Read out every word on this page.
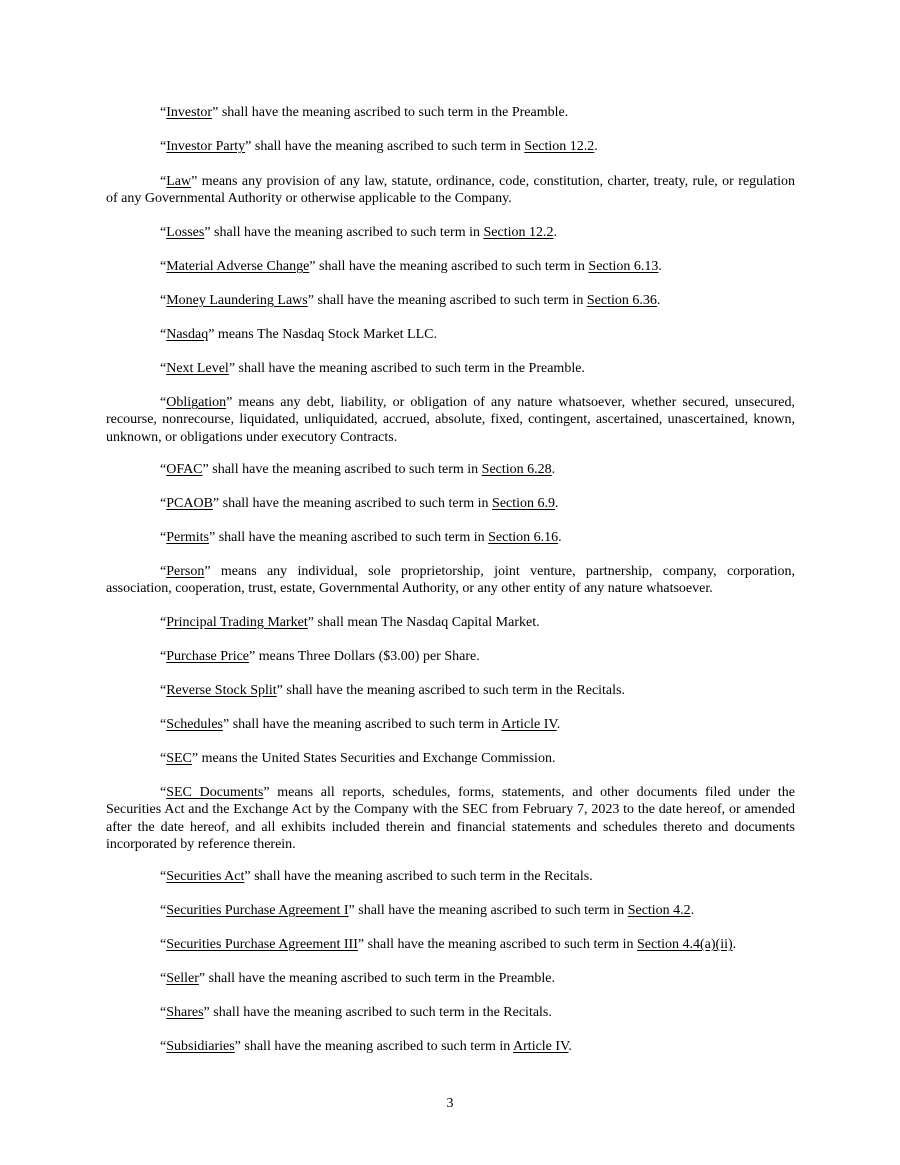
“Investor” shall have the meaning ascribed to such term in the Preamble.

“Investor Party” shall have the meaning ascribed to such term in Section 12.2.

“Law” means any provision of any law, statute, ordinance, code, constitution, charter, treaty, rule, or regulation of any Governmental Authority or otherwise applicable to the Company.

“Losses” shall have the meaning ascribed to such term in Section 12.2.

“Material Adverse Change” shall have the meaning ascribed to such term in Section 6.13.

“Money Laundering Laws” shall have the meaning ascribed to such term in Section 6.36.

“Nasdaq” means The Nasdaq Stock Market LLC.

“Next Level” shall have the meaning ascribed to such term in the Preamble.

“Obligation” means any debt, liability, or obligation of any nature whatsoever, whether secured, unsecured, recourse, nonrecourse, liquidated, unliquidated, accrued, absolute, fixed, contingent, ascertained, unascertained, known, unknown, or obligations under executory Contracts.

“OFAC” shall have the meaning ascribed to such term in Section 6.28.

“PCAOB” shall have the meaning ascribed to such term in Section 6.9.

“Permits” shall have the meaning ascribed to such term in Section 6.16.

“Person” means any individual, sole proprietorship, joint venture, partnership, company, corporation, association, cooperation, trust, estate, Governmental Authority, or any other entity of any nature whatsoever.

“Principal Trading Market” shall mean The Nasdaq Capital Market.

“Purchase Price” means Three Dollars ($3.00) per Share.

“Reverse Stock Split” shall have the meaning ascribed to such term in the Recitals.

“Schedules” shall have the meaning ascribed to such term in Article IV.

“SEC” means the United States Securities and Exchange Commission.

“SEC Documents” means all reports, schedules, forms, statements, and other documents filed under the Securities Act and the Exchange Act by the Company with the SEC from February 7, 2023 to the date hereof, or amended after the date hereof, and all exhibits included therein and financial statements and schedules thereto and documents incorporated by reference therein.

“Securities Act” shall have the meaning ascribed to such term in the Recitals.

“Securities Purchase Agreement I” shall have the meaning ascribed to such term in Section 4.2.

“Securities Purchase Agreement III” shall have the meaning ascribed to such term in Section 4.4(a)(ii).

“Seller” shall have the meaning ascribed to such term in the Preamble.

“Shares” shall have the meaning ascribed to such term in the Recitals.

“Subsidiaries” shall have the meaning ascribed to such term in Article IV.

3
